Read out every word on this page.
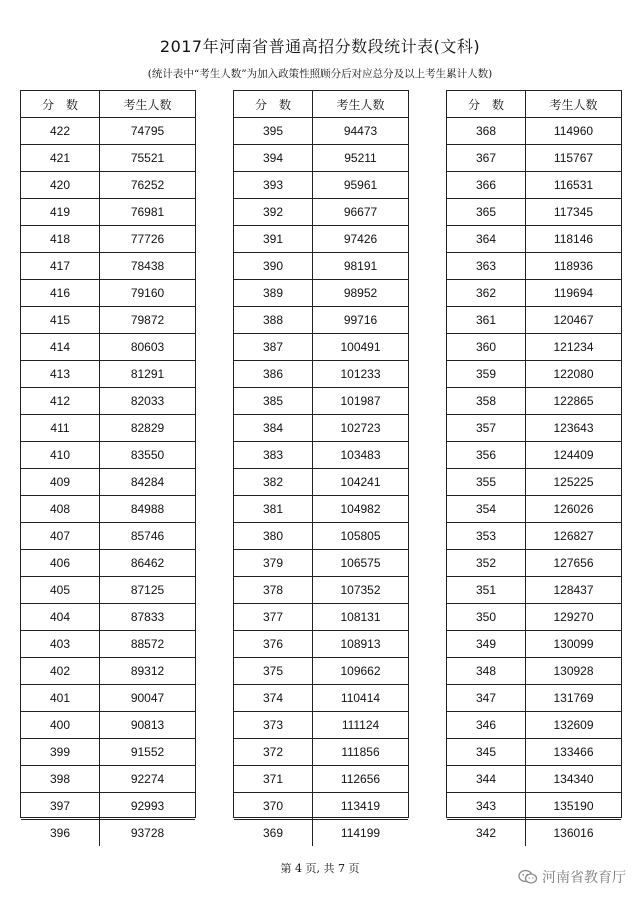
2017年河南省普通高招分数段统计表(文科)
(统计表中“考生人数”为加入政策性照顾分后对应总分及以上考生累计人数)
分　数	考生人数
422	74795
421	75521
420	76252
419	76981
418	77726
417	78438
416	79160
415	79872
414	80603
413	81291
412	82033
411	82829
410	83550
409	84284
408	84988
407	85746
406	86462
405	87125
404	87833
403	88572
402	89312
401	90047
400	90813
399	91552
398	92274
397	92993
396	93728
分　数	考生人数
395	94473
394	95211
393	95961
392	96677
391	97426
390	98191
389	98952
388	99716
387	100491
386	101233
385	101987
384	102723
383	103483
382	104241
381	104982
380	105805
379	106575
378	107352
377	108131
376	108913
375	109662
374	110414
373	111124
372	111856
371	112656
370	113419
369	114199
分　数	考生人数
368	114960
367	115767
366	116531
365	117345
364	118146
363	118936
362	119694
361	120467
360	121234
359	122080
358	122865
357	123643
356	124409
355	125225
354	126026
353	126827
352	127656
351	128437
350	129270
349	130099
348	130928
347	131769
346	132609
345	133466
344	134340
343	135190
342	136016
第 4 页, 共 7 页
河南省教育厅
